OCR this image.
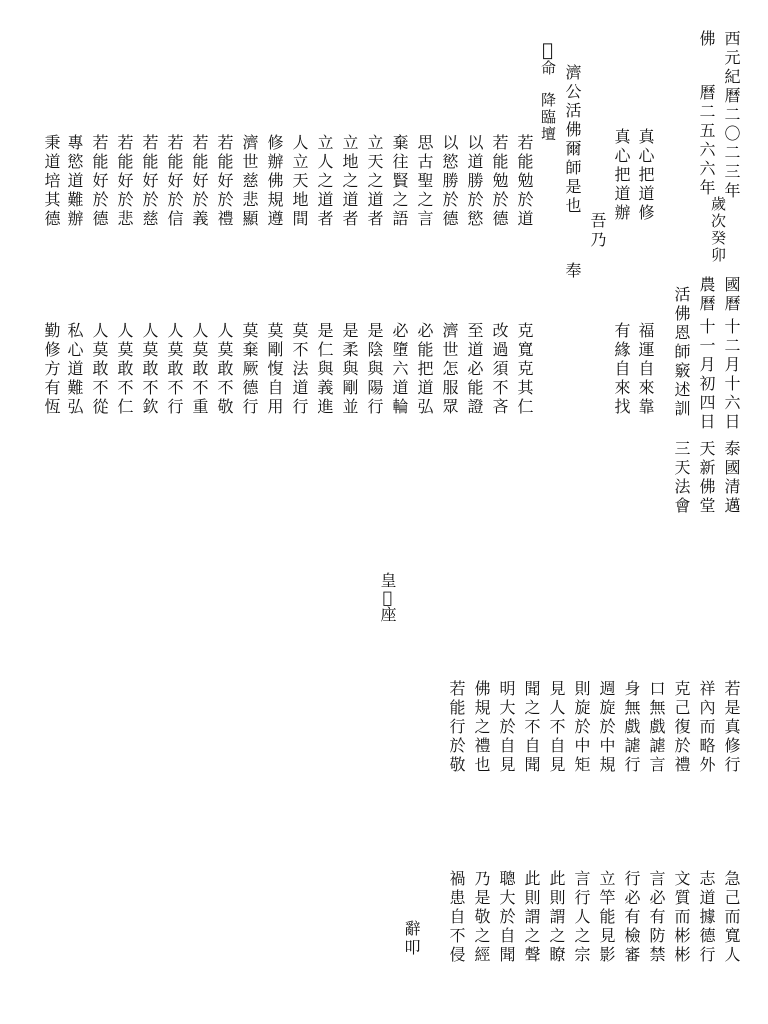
佛 西元紀曆二〇二三年
曆二五六六年
歲次癸卯
國曆
十二月十六日
農曆
十一月初四日
泰國清邁
天新佛堂
活佛恩師竅述訓
三天法會
真心把道修
真心把道辦
福運自來靠
有緣自來找
吾乃
濟公活佛爾師是也
奉
𤰔
命
降臨壇
若能勉於道
克寬克其仁
若能勉於德
改過須不吝
以道勝於慾
至道必能證
以慾勝於德
濟世怎服眾
思古聖之言
必能把道弘
棄往賢之語
必墮六道輪
立天之道者
是陰與陽行
立地之道者
是柔與剛並
立人之道者
是仁與義進
人立天地間
莫不法道行
修辦佛規遵
莫剛愎自用
濟世慈悲顯
莫棄厥德行
若能好於禮
人莫敢不敬
若能好於義
人莫敢不重
若能好於信
人莫敢不行
若能好於慈
人莫敢不欽
若能好於悲
人莫敢不仁
若能好於德
人莫敢不從
專慾道難辦
私心道難弘
秉道培其德
勤修方有恆
皇
𤰔
座
若是真修行
急己而寬人
祥內而略外
志道據德行
克己復於禮
文質而彬彬
口無戲謔言
言必有防禁
身無戲謔行
行必有檢審
週旋於中規
立竿能見影
則旋於中矩
言行人之宗
見人不自見
此則謂之瞭
聞之不自聞
此則謂之聲
明大於自見
聰大於自聞
佛規之禮也
乃是敬之經
若能行於敬
禍患自不侵
辭叩
